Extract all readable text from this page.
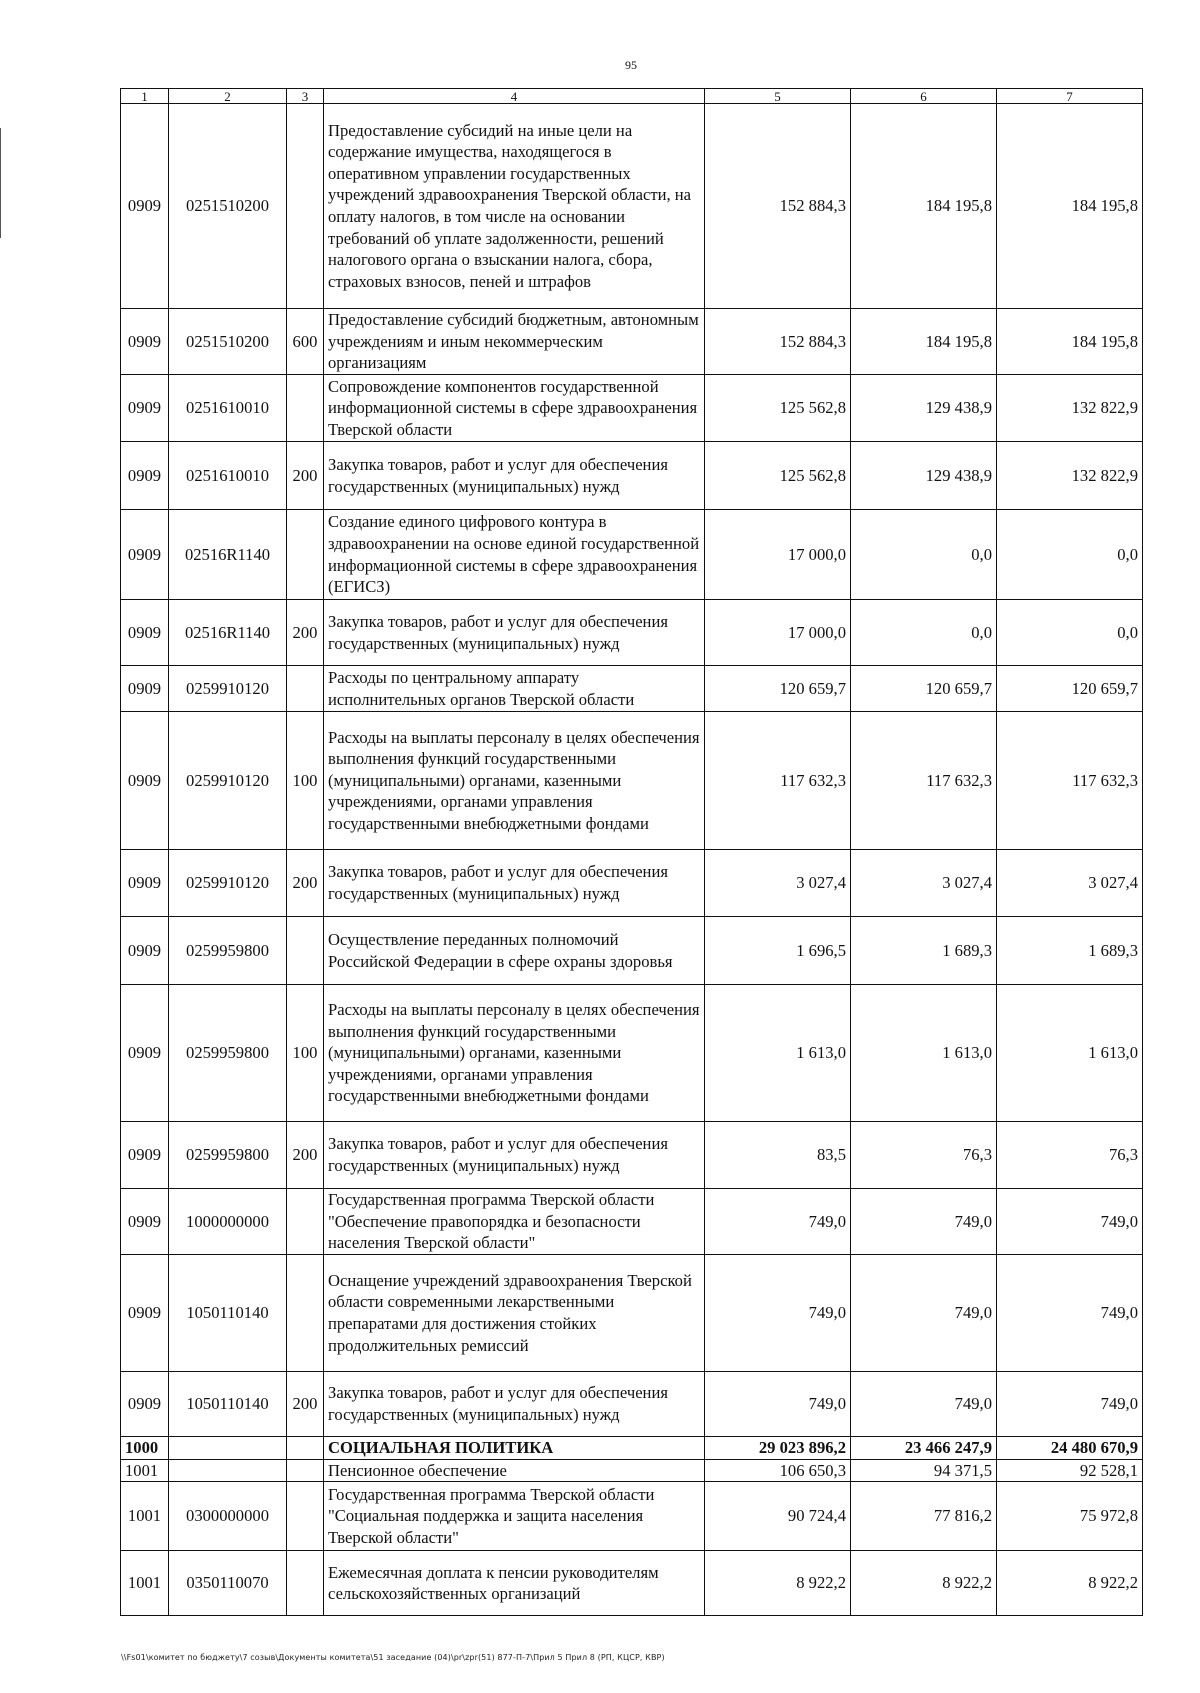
95
1	2	3	4	5	6	7
0909	0251510200		Предоставление субсидий на иные цели на содержание имущества, находящегося в оперативном управлении государственных учреждений здравоохранения Тверской области, на оплату налогов, в том числе на основании требований об уплате задолженности, решений налогового органа о взыскании налога, сбора, страховых взносов, пеней и штрафов	152 884,3	184 195,8	184 195,8
0909	0251510200	600	Предоставление субсидий бюджетным, автономным учреждениям и иным некоммерческим организациям	152 884,3	184 195,8	184 195,8
0909	0251610010		Сопровождение компонентов государственной информационной системы в сфере здравоохранения Тверской области	125 562,8	129 438,9	132 822,9
0909	0251610010	200	Закупка товаров, работ и услуг для обеспечения государственных (муниципальных) нужд	125 562,8	129 438,9	132 822,9
0909	02516R1140		Создание единого цифрового контура в здравоохранении на основе единой государственной информационной системы в сфере здравоохранения (ЕГИСЗ)	17 000,0	0,0	0,0
0909	02516R1140	200	Закупка товаров, работ и услуг для обеспечения государственных (муниципальных) нужд	17 000,0	0,0	0,0
0909	0259910120		Расходы по центральному аппарату исполнительных органов Тверской области	120 659,7	120 659,7	120 659,7
0909	0259910120	100	Расходы на выплаты персоналу в целях обеспечения выполнения функций государственными (муниципальными) органами, казенными учреждениями, органами управления государственными внебюджетными фондами	117 632,3	117 632,3	117 632,3
0909	0259910120	200	Закупка товаров, работ и услуг для обеспечения государственных (муниципальных) нужд	3 027,4	3 027,4	3 027,4
0909	0259959800		Осуществление переданных полномочий Российской Федерации в сфере охраны здоровья	1 696,5	1 689,3	1 689,3
0909	0259959800	100	Расходы на выплаты персоналу в целях обеспечения выполнения функций государственными (муниципальными) органами, казенными учреждениями, органами управления государственными внебюджетными фондами	1 613,0	1 613,0	1 613,0
0909	0259959800	200	Закупка товаров, работ и услуг для обеспечения государственных (муниципальных) нужд	83,5	76,3	76,3
0909	1000000000		Государственная программа Тверской области "Обеспечение правопорядка и безопасности населения Тверской области"	749,0	749,0	749,0
0909	1050110140		Оснащение учреждений здравоохранения Тверской области современными лекарственными препаратами для достижения стойких продолжительных ремиссий	749,0	749,0	749,0
0909	1050110140	200	Закупка товаров, работ и услуг для обеспечения государственных (муниципальных) нужд	749,0	749,0	749,0
1000			СОЦИАЛЬНАЯ ПОЛИТИКА	29 023 896,2	23 466 247,9	24 480 670,9
1001			Пенсионное обеспечение	106 650,3	94 371,5	92 528,1
1001	0300000000		Государственная программа Тверской области "Социальная поддержка и защита населения Тверской области"	90 724,4	77 816,2	75 972,8
1001	0350110070		Ежемесячная доплата к пенсии руководителям сельскохозяйственных организаций	8 922,2	8 922,2	8 922,2
\\Fs01\комитет по бюджету\7 созыв\Документы комитета\51 заседание (04)\pr\zpr(51) 877-П-7\Прил 5 Прил 8 (РП, КЦСР, КВР)
